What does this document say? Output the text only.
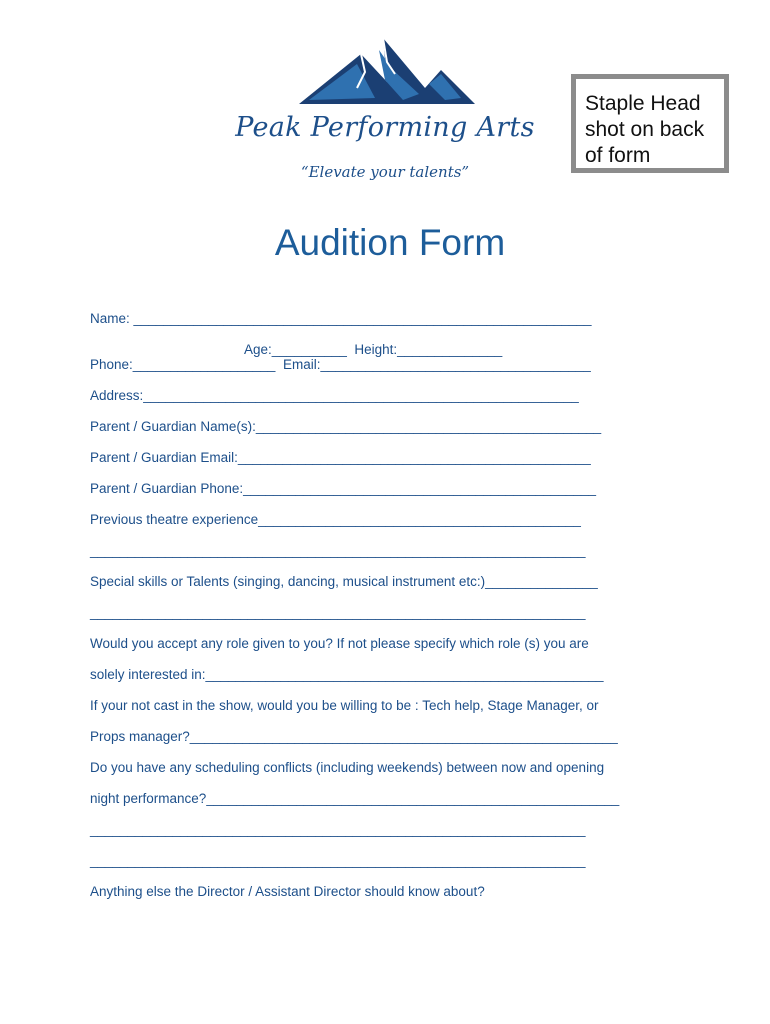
Peak Performing Arts
“Elevate your talents”
Staple Head
shot on back
of form
Audition Form
Name: _____________________________________________________________
Age:__________  Height:______________
Phone:___________________  Email:____________________________________
Address:__________________________________________________________
Parent / Guardian Name(s):______________________________________________
Parent / Guardian Email:_______________________________________________
Parent / Guardian Phone:_______________________________________________
Previous theatre experience___________________________________________
__________________________________________________________________
Special skills or Talents (singing, dancing, musical instrument etc:)_______________
__________________________________________________________________
Would you accept any role given to you? If not please specify which role (s) you are
solely interested in:_____________________________________________________
If your not cast in the show, would you be willing to be : Tech help, Stage Manager, or
Props manager?_________________________________________________________
Do you have any scheduling conflicts (including weekends) between now and opening
night performance?_______________________________________________________
__________________________________________________________________
__________________________________________________________________
Anything else the Director / Assistant Director should know about?
